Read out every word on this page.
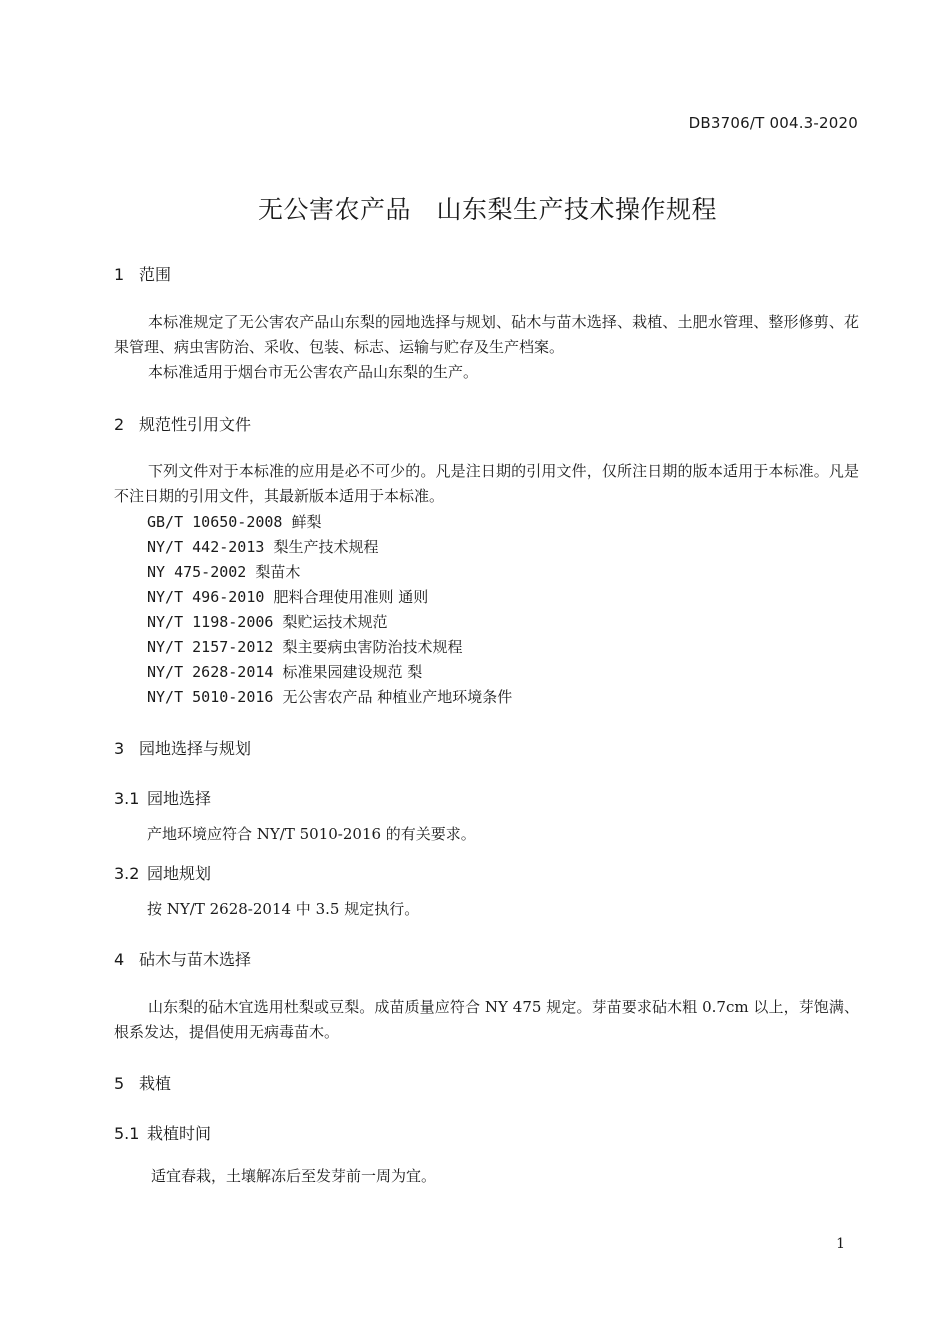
DB3706/T 004.3-2020
无公害农产品　山东梨生产技术操作规程
1 范围
本标准规定了无公害农产品山东梨的园地选择与规划、砧木与苗木选择、栽植、土肥水管理、整形修剪、花果管理、病虫害防治、采收、包装、标志、运输与贮存及生产档案。
本标准适用于烟台市无公害农产品山东梨的生产。
2 规范性引用文件
下列文件对于本标准的应用是必不可少的。凡是注日期的引用文件，仅所注日期的版本适用于本标准。凡是不注日期的引用文件，其最新版本适用于本标准。
GB/T 10650-2008 鲜梨
NY/T 442-2013 梨生产技术规程
NY 475-2002 梨苗木
NY/T 496-2010 肥料合理使用准则 通则
NY/T 1198-2006 梨贮运技术规范
NY/T 2157-2012 梨主要病虫害防治技术规程
NY/T 2628-2014 标准果园建设规范 梨
NY/T 5010-2016 无公害农产品 种植业产地环境条件
3 园地选择与规划
3.1 园地选择
产地环境应符合 NY/T 5010-2016 的有关要求。
3.2 园地规划
按 NY/T 2628-2014 中 3.5 规定执行。
4 砧木与苗木选择
山东梨的砧木宜选用杜梨或豆梨。成苗质量应符合 NY 475 规定。芽苗要求砧木粗 0.7cm 以上，芽饱满、根系发达，提倡使用无病毒苗木。
5 栽植
5.1 栽植时间
适宜春栽，土壤解冻后至发芽前一周为宜。
1
